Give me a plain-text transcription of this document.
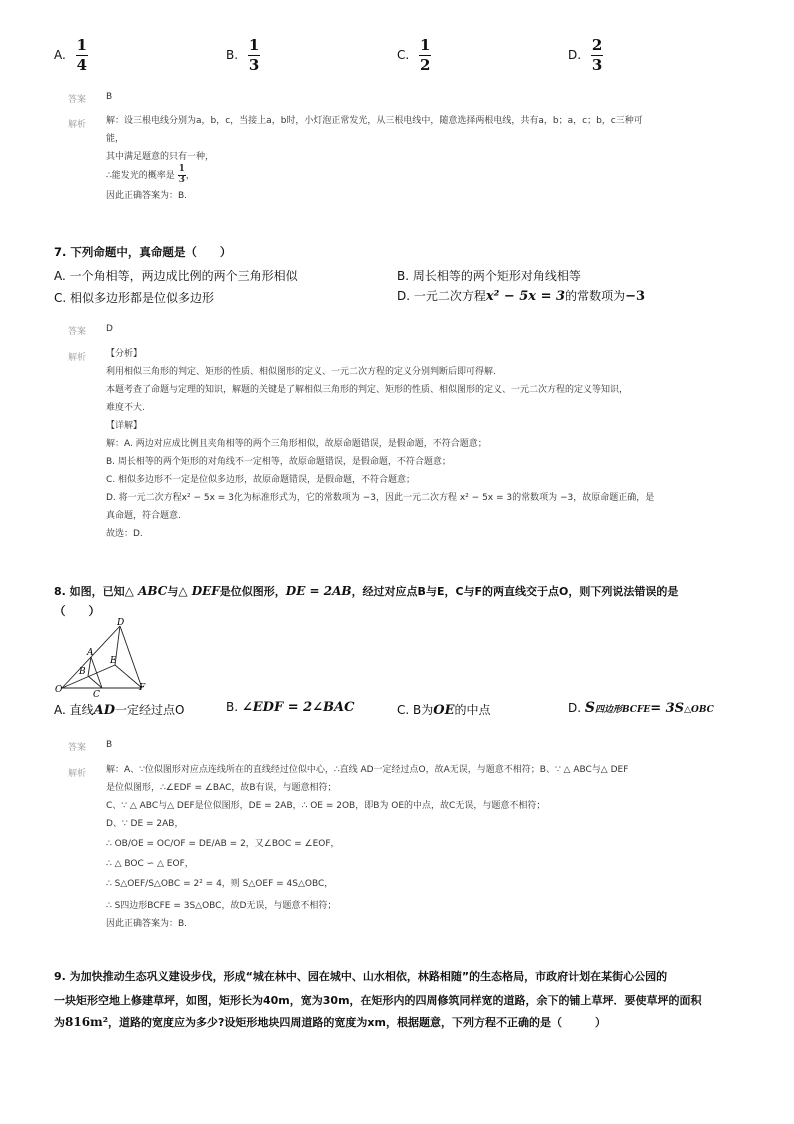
A. $\frac{1}{4}$	B. $\frac{1}{3}$	C. $\frac{1}{2}$	D. $\frac{2}{3}$
答案 B
解析 解：设三根电线分别为a，b，c，当接上a，b时，小灯泡正常发光，从三根电线中，随意选择两根电线，共有a，b；a，c；b，c三种可
能，
其中满足题意的只有一种，
∴能发光的概率是 $\frac{1}{3}$ ，
因此正确答案为：B.
7. 下列命题中，真命题是（　　）
A. 一个角相等，两边成比例的两个三角形相似	B. 周长相等的两个矩形对角线相等
C. 相似多边形都是位似多边形	D. 一元二次方程x² − 5x = 3的常数项为−3
答案 D
解析 【分析】
利用相似三角形的判定、矩形的性质、相似图形的定义、一元二次方程的定义分别判断后即可得解.
本题考查了命题与定理的知识，解题的关键是了解相似三角形的判定、矩形的性质、相似图形的定义、一元二次方程的定义等知识，
难度不大.
【详解】
解：A. 两边对应成比例且夹角相等的两个三角形相似，故原命题错误，是假命题，不符合题意；
B. 周长相等的两个矩形的对角线不一定相等，故原命题错误，是假命题，不符合题意；
C. 相似多边形不一定是位似多边形，故原命题错误，是假命题，不符合题意；
D. 将一元二次方程x² − 5x = 3化为标准形式为，它的常数项为 −3，因此一元二次方程 x² − 5x = 3的常数项为 −3，故原命题正确，是
真命题，符合题意.
故选：D.
8. 如图，已知△ ABC与△ DEF是位似图形，DE = 2AB，经过对应点B与E，C与F的两直线交于点O，则下列说法错误的是
（　　）
D
A
E
B
O	C
F
A. 直线AD一定经过点O	B. ∠EDF = 2∠BAC	C. B为OE的中点	D. S四边形BCFE= 3S△OBC
答案 B
解析 解：A、∵位似图形对应点连线所在的直线经过位似中心，∴直线 AD一定经过点O，故A无误，与题意不相符；B、∵ △ ABC与△ DEF
是位似图形，∴∠EDF = ∠BAC，故B有误，与题意相符；
C、∵ △ ABC与△ DEF是位似图形，DE = 2AB，∴ OE = 2OB，即B为 OE的中点，故C无误，与题意不相符；
D、∵ DE = 2AB，
∴ OB/OE = OC/OF = DE/AB = 2，又∠BOC = ∠EOF，
∴ △ BOC ∽ △ EOF，
∴ S△OEF/S△OBC = 2² = 4，则 S△OEF = 4S△OBC，
∴ S四边形BCFE = 3S△OBC，故D无误，与题意不相符；
因此正确答案为：B.
9. 为加快推动生态巩义建设步伐，形成“城在林中、园在城中、山水相依，林路相随”的生态格局，市政府计划在某街心公园的
一块矩形空地上修建草坪，如图，矩形长为40m，宽为30m，在矩形内的四周修筑同样宽的道路，余下的铺上草坪．要使草坪的面积
为816m²，道路的宽度应为多少?设矩形地块四周道路的宽度为xm，根据题意，下列方程不正确的是（　　　）
